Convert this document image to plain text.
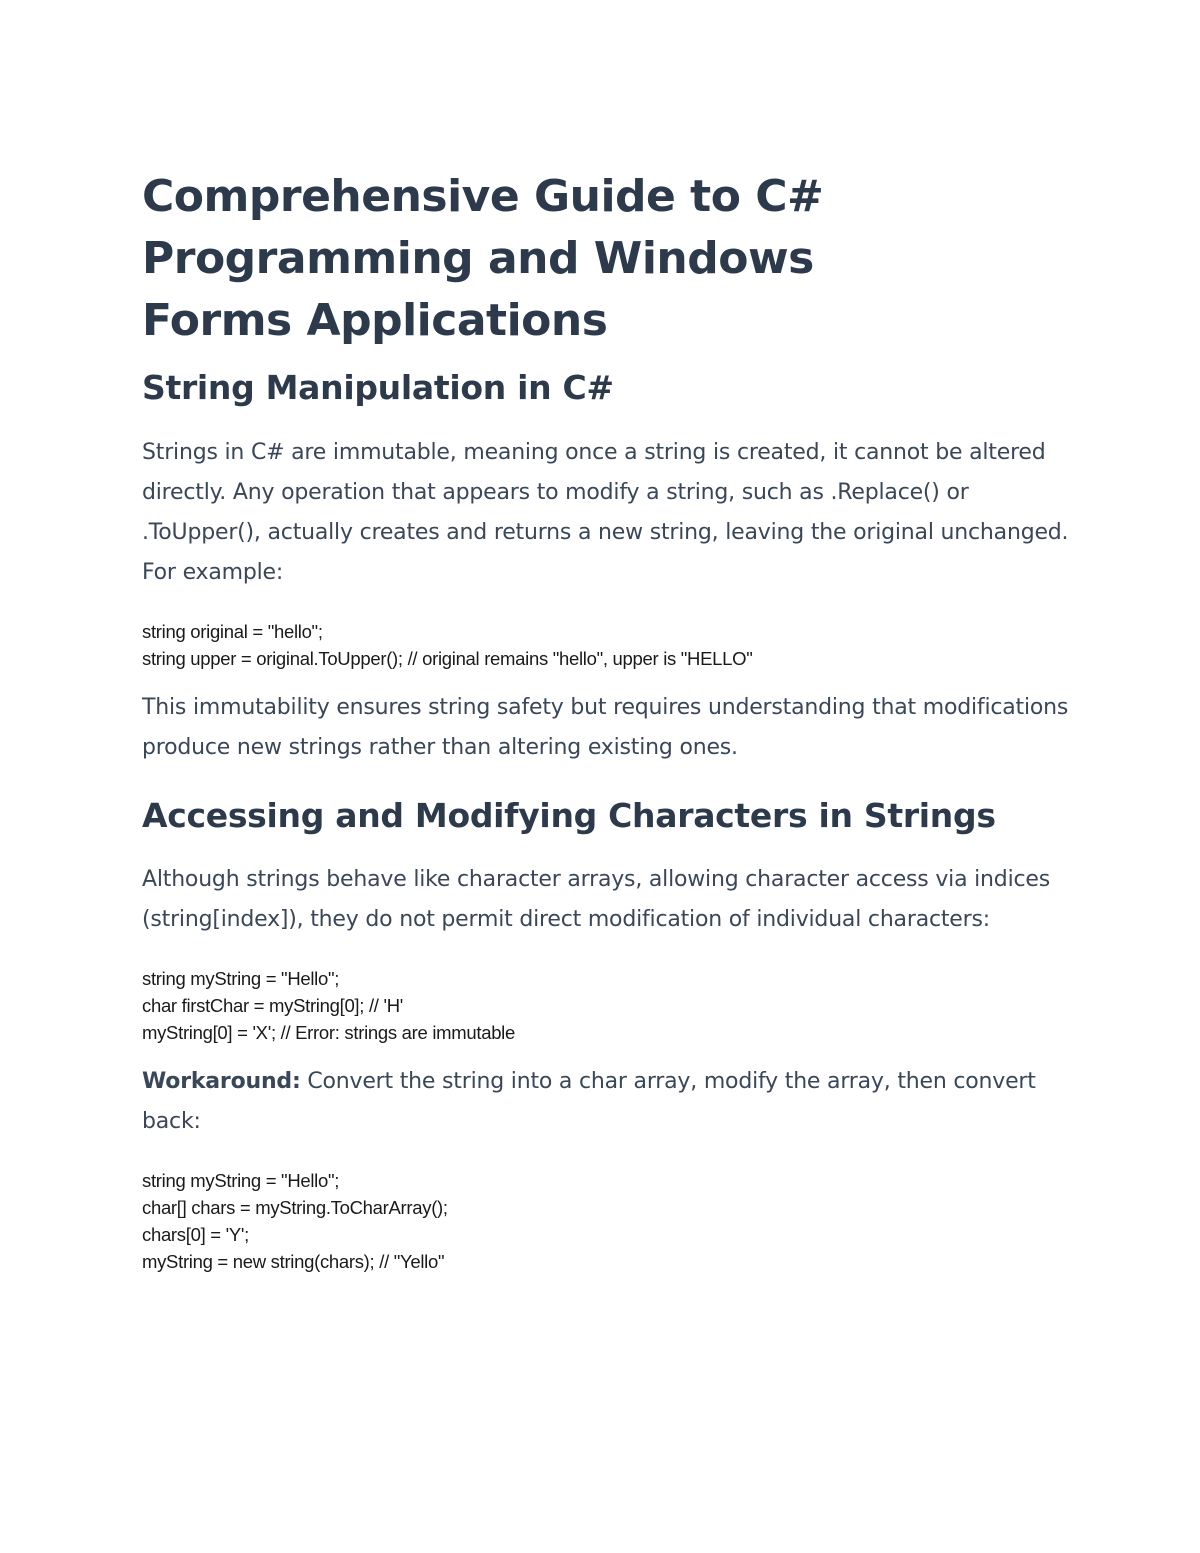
Comprehensive Guide to C# Programming and Windows Forms Applications
String Manipulation in C#

Strings in C# are immutable, meaning once a string is created, it cannot be altered directly. Any operation that appears to modify a string, such as .Replace() or .ToUpper(), actually creates and returns a new string, leaving the original unchanged. For example:

string original = "hello";
string upper = original.ToUpper(); // original remains "hello", upper is "HELLO"

This immutability ensures string safety but requires understanding that modifications produce new strings rather than altering existing ones.

Accessing and Modifying Characters in Strings

Although strings behave like character arrays, allowing character access via indices (string[index]), they do not permit direct modification of individual characters:

string myString = "Hello";
char firstChar = myString[0]; // 'H'
myString[0] = 'X'; // Error: strings are immutable

Workaround: Convert the string into a char array, modify the array, then convert back:

string myString = "Hello";
char[] chars = myString.ToCharArray();
chars[0] = 'Y';
myString = new string(chars); // "Yello"
